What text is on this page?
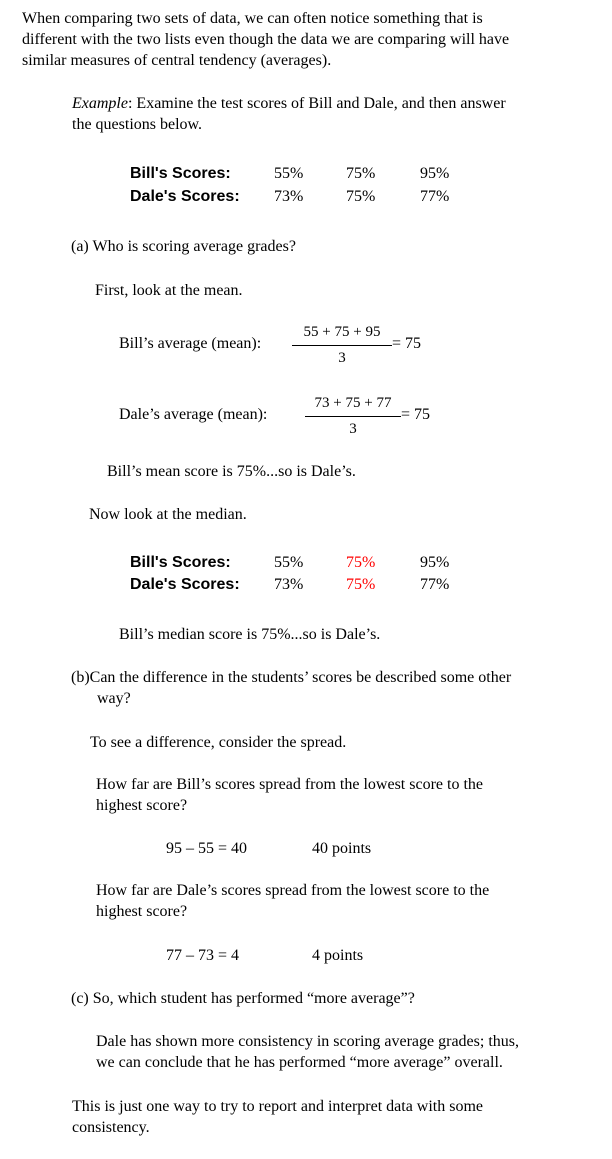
When comparing two sets of data, we can often notice something that is
different with the two lists even though the data we are comparing will have
similar measures of central tendency (averages).
Example: Examine the test scores of Bill and Dale, and then answer
the questions below.
Bill's Scores:	55%	75%	95%
Dale's Scores: 73%	75%	77%
(a) Who is scoring average grades?
First, look at the mean.
Bill’s average (mean):
55 + 75 + 95
3
= 75
Dale’s average (mean):
73 + 75 + 77
3
= 75
Bill’s mean score is 75%...so is Dale’s.
Now look at the median.
Bill's Scores:	55%	75%	95%
Dale's Scores: 73%	75%	77%
Bill’s median score is 75%...so is Dale’s.
(b)Can the difference in the students’ scores be described some other
way?
To see a difference, consider the spread.
How far are Bill’s scores spread from the lowest score to the
highest score?
95 – 55 = 40	40 points
How far are Dale’s scores spread from the lowest score to the
highest score?
77 – 73 = 4	4 points
(c) So, which student has performed “more average”?
Dale has shown more consistency in scoring average grades; thus,
we can conclude that he has performed “more average” overall.
This is just one way to try to report and interpret data with some
consistency.
